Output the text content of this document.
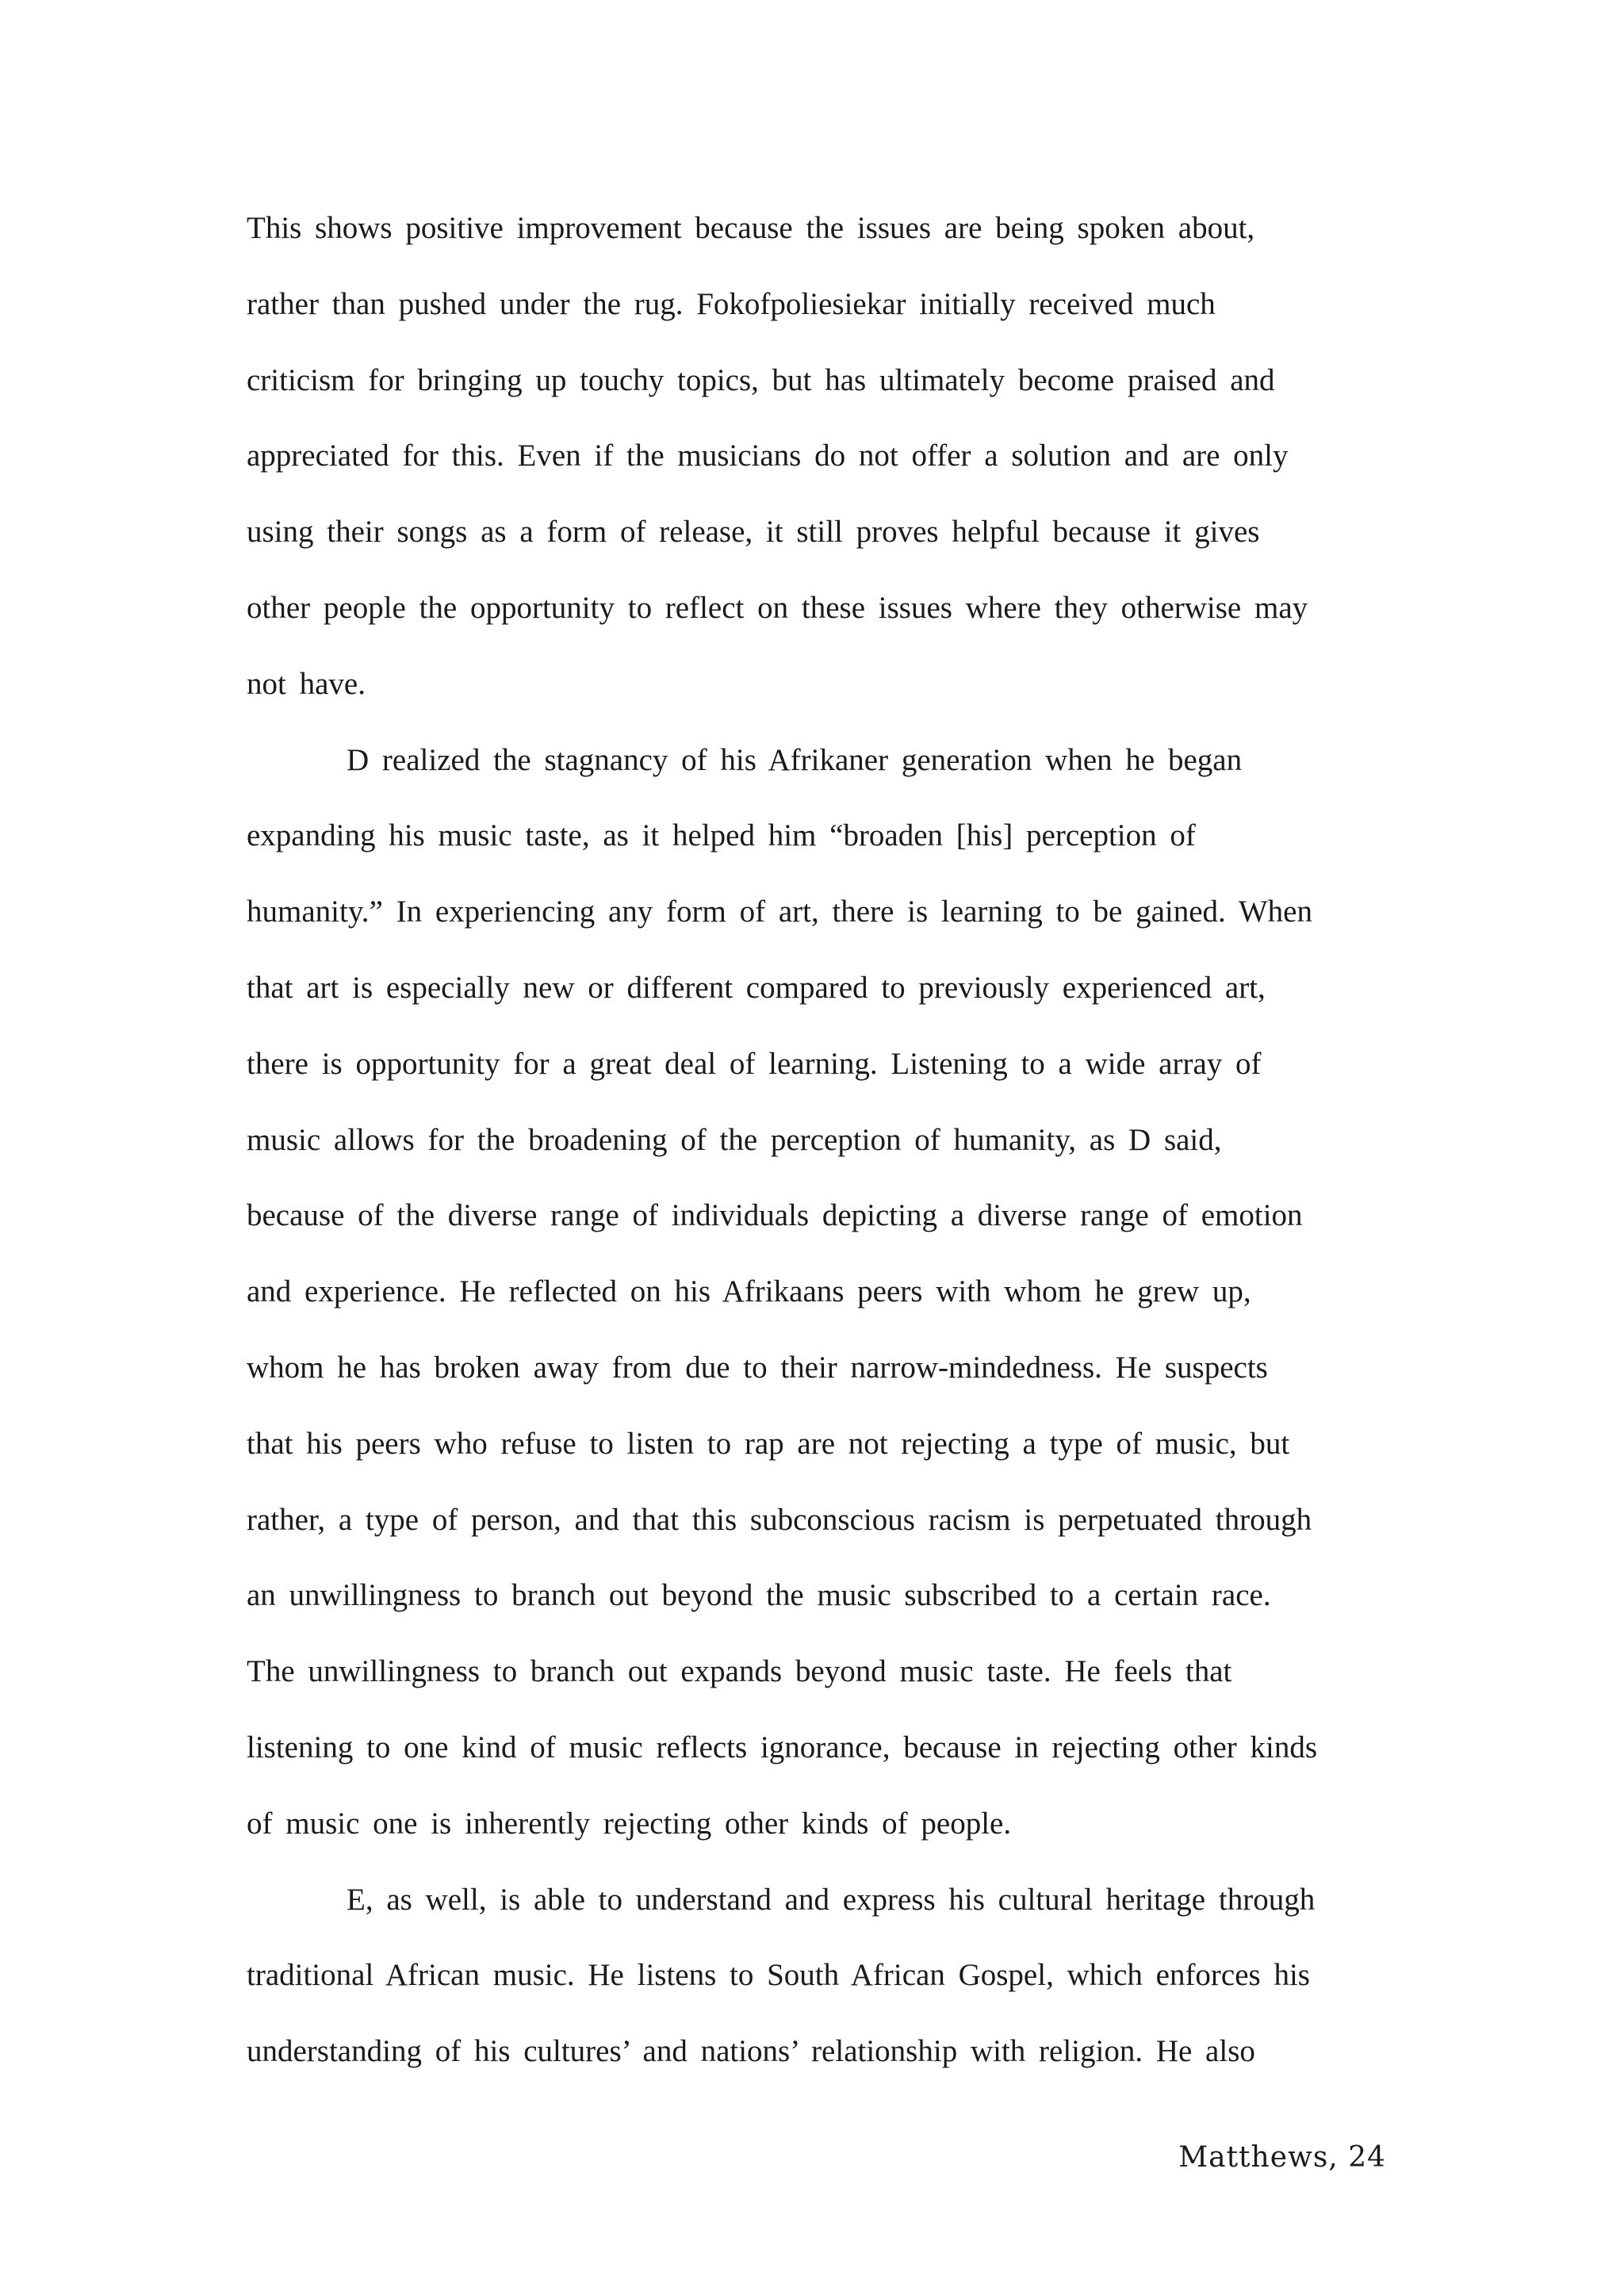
This shows positive improvement because the issues are being spoken about,
rather than pushed under the rug. Fokofpoliesiekar initially received much
criticism for bringing up touchy topics, but has ultimately become praised and
appreciated for this. Even if the musicians do not offer a solution and are only
using their songs as a form of release, it still proves helpful because it gives
other people the opportunity to reflect on these issues where they otherwise may
not have.
D realized the stagnancy of his Afrikaner generation when he began
expanding his music taste, as it helped him “broaden [his] perception of
humanity.” In experiencing any form of art, there is learning to be gained. When
that art is especially new or different compared to previously experienced art,
there is opportunity for a great deal of learning. Listening to a wide array of
music allows for the broadening of the perception of humanity, as D said,
because of the diverse range of individuals depicting a diverse range of emotion
and experience. He reflected on his Afrikaans peers with whom he grew up,
whom he has broken away from due to their narrow-mindedness. He suspects
that his peers who refuse to listen to rap are not rejecting a type of music, but
rather, a type of person, and that this subconscious racism is perpetuated through
an unwillingness to branch out beyond the music subscribed to a certain race.
The unwillingness to branch out expands beyond music taste. He feels that
listening to one kind of music reflects ignorance, because in rejecting other kinds
of music one is inherently rejecting other kinds of people.
E, as well, is able to understand and express his cultural heritage through
traditional African music. He listens to South African Gospel, which enforces his
understanding of his cultures’ and nations’ relationship with religion. He also
Matthews, 24
